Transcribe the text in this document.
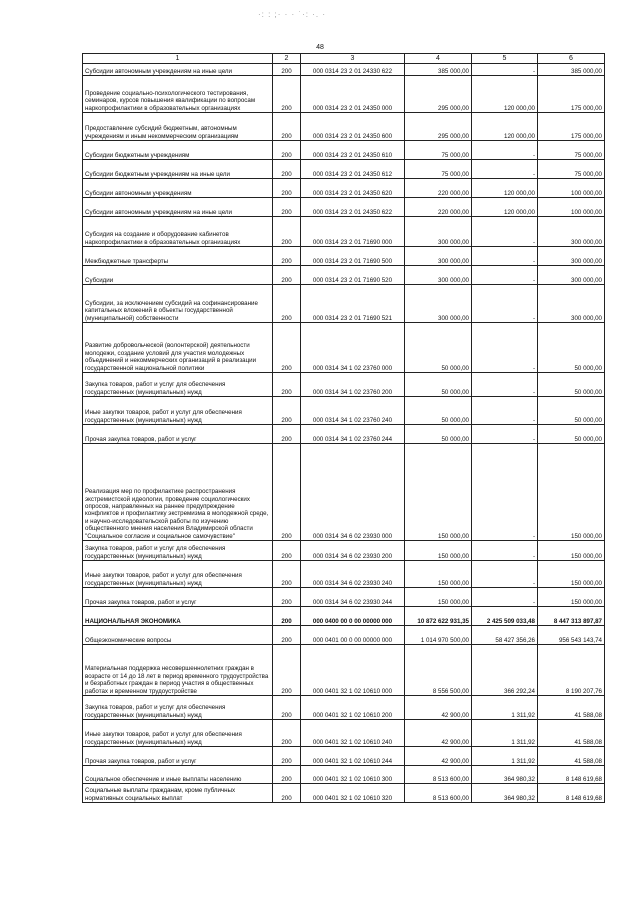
·: : ;· · · ˙·: ·. ·
48
1	2	3	4	5	6
Субсидии автономным учреждениям на иные цели	200	000 0314 23 2 01 24330 622	385 000,00	-	385 000,00
Проведение социально-психологического тестирования, семинаров, курсов повышения квалификации по вопросам наркопрофилактики в образовательных организациях	200	000 0314 23 2 01 24350 000	295 000,00	120 000,00	175 000,00
Предоставление субсидий бюджетным, автономным учреждениям и иным некоммерческим организациям	200	000 0314 23 2 01 24350 600	295 000,00	120 000,00	175 000,00
Субсидии бюджетным учреждениям	200	000 0314 23 2 01 24350 610	75 000,00	-	75 000,00
Субсидии бюджетным учреждениям на иные цели	200	000 0314 23 2 01 24350 612	75 000,00	-	75 000,00
Субсидии автономным учреждениям	200	000 0314 23 2 01 24350 620	220 000,00	120 000,00	100 000,00
Субсидии автономным учреждениям на иные цели	200	000 0314 23 2 01 24350 622	220 000,00	120 000,00	100 000,00
Субсидия на создание и оборудование кабинетов наркопрофилактики в образовательных организациях	200	000 0314 23 2 01 71690 000	300 000,00	-	300 000,00
Межбюджетные трансферты	200	000 0314 23 2 01 71690 500	300 000,00	-	300 000,00
Субсидии	200	000 0314 23 2 01 71690 520	300 000,00	-	300 000,00
Субсидии, за исключением субсидий на софинансирование капитальных вложений в объекты государственной (муниципальной) собственности	200	000 0314 23 2 01 71690 521	300 000,00	-	300 000,00
Развитие добровольческой (волонтерской) деятельности молодежи, создание условий для участия молодежных объединений и некоммерческих организаций в реализации государственной национальной политики	200	000 0314 34 1 02 23760 000	50 000,00	-	50 000,00
Закупка товаров, работ и услуг для обеспечения государственных (муниципальных) нужд	200	000 0314 34 1 02 23760 200	50 000,00	-	50 000,00
Иные закупки товаров, работ и услуг для обеспечения государственных (муниципальных) нужд	200	000 0314 34 1 02 23760 240	50 000,00	-	50 000,00
Прочая закупка товаров, работ и услуг	200	000 0314 34 1 02 23760 244	50 000,00	-	50 000,00
Реализация мер по профилактике распространения экстремистской идеологии, проведение социологических опросов, направленных на раннее предупреждение конфликтов и профилактику экстремизма в молодежной среде, и научно-исследовательской работы по изучению общественного мнения населения Владимирской области "Социальное согласие и социальное самочувствие"	200	000 0314 34 6 02 23930 000	150 000,00	-	150 000,00
Закупка товаров, работ и услуг для обеспечения государственных (муниципальных) нужд	200	000 0314 34 6 02 23930 200	150 000,00	-	150 000,00
Иные закупки товаров, работ и услуг для обеспечения государственных (муниципальных) нужд	200	000 0314 34 6 02 23930 240	150 000,00	-	150 000,00
Прочая закупка товаров, работ и услуг	200	000 0314 34 6 02 23930 244	150 000,00	-	150 000,00
НАЦИОНАЛЬНАЯ ЭКОНОМИКА	200	000 0400 00 0 00 00000 000	10 872 622 931,35	2 425 509 033,48	8 447 313 897,87
Общеэкономические вопросы	200	000 0401 00 0 00 00000 000	1 014 970 500,00	58 427 356,26	956 543 143,74
Материальная поддержка несовершеннолетних граждан в возрасте от 14 до 18 лет в период временного трудоустройства и безработных граждан в период участия в общественных работах и временном трудоустройстве	200	000 0401 32 1 02 10610 000	8 556 500,00	366 292,24	8 190 207,76
Закупка товаров, работ и услуг для обеспечения государственных (муниципальных) нужд	200	000 0401 32 1 02 10610 200	42 900,00	1 311,92	41 588,08
Иные закупки товаров, работ и услуг для обеспечения государственных (муниципальных) нужд	200	000 0401 32 1 02 10610 240	42 900,00	1 311,92	41 588,08
Прочая закупка товаров, работ и услуг	200	000 0401 32 1 02 10610 244	42 900,00	1 311,92	41 588,08
Социальное обеспечение и иные выплаты населению	200	000 0401 32 1 02 10610 300	8 513 600,00	364 980,32	8 148 619,68
Социальные выплаты гражданам, кроме публичных нормативных социальных выплат	200	000 0401 32 1 02 10610 320	8 513 600,00	364 980,32	8 148 619,68
